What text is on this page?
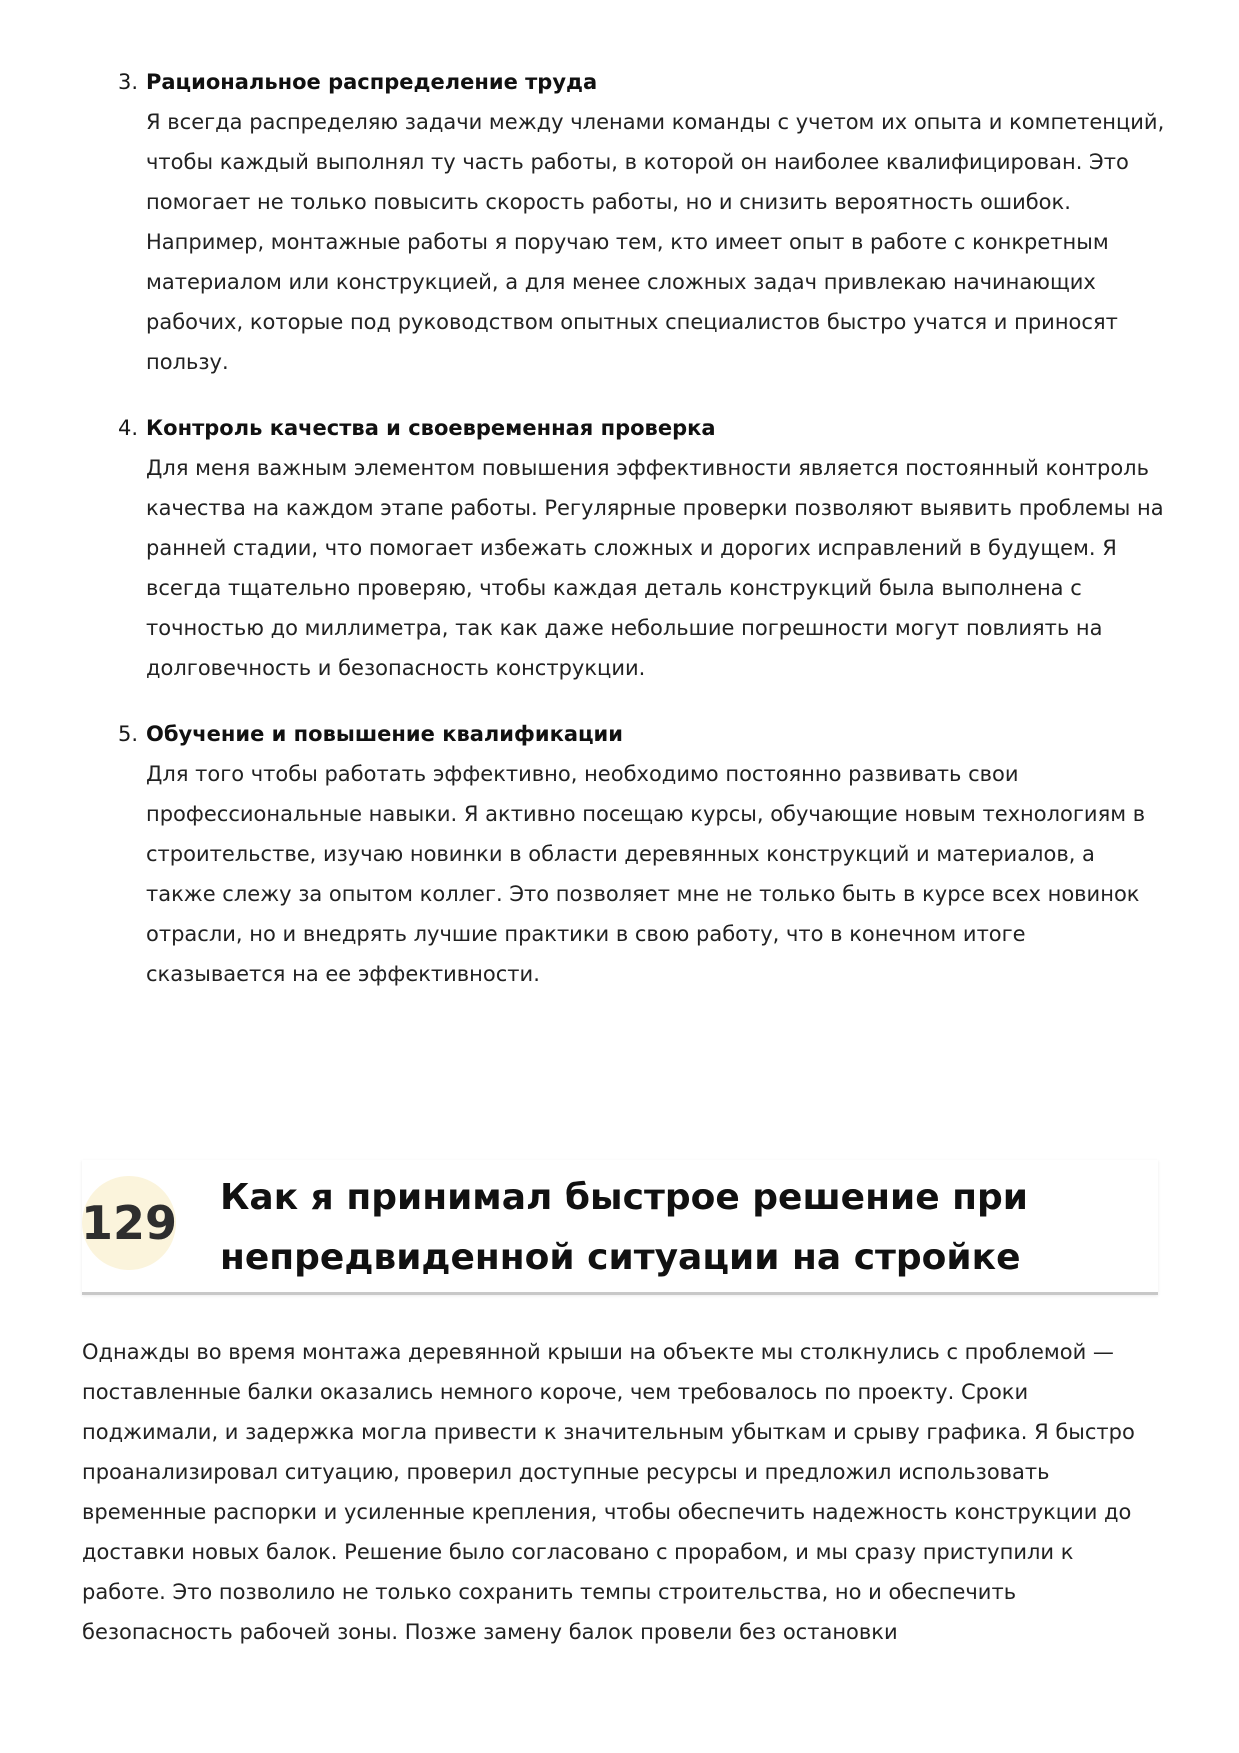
3. Рациональное распределение труда
Я всегда распределяю задачи между членами команды с учетом их опыта и компетенций, чтобы каждый выполнял ту часть работы, в которой он наиболее квалифицирован. Это помогает не только повысить скорость работы, но и снизить вероятность ошибок. Например, монтажные работы я поручаю тем, кто имеет опыт в работе с конкретным материалом или конструкцией, а для менее сложных задач привлекаю начинающих рабочих, которые под руководством опытных специалистов быстро учатся и приносят пользу.
4. Контроль качества и своевременная проверка
Для меня важным элементом повышения эффективности является постоянный контроль качества на каждом этапе работы. Регулярные проверки позволяют выявить проблемы на ранней стадии, что помогает избежать сложных и дорогих исправлений в будущем. Я всегда тщательно проверяю, чтобы каждая деталь конструкций была выполнена с точностью до миллиметра, так как даже небольшие погрешности могут повлиять на долговечность и безопасность конструкции.
5. Обучение и повышение квалификации
Для того чтобы работать эффективно, необходимо постоянно развивать свои профессиональные навыки. Я активно посещаю курсы, обучающие новым технологиям в строительстве, изучаю новинки в области деревянных конструкций и материалов, а также слежу за опытом коллег. Это позволяет мне не только быть в курсе всех новинок отрасли, но и внедрять лучшие практики в свою работу, что в конечном итоге сказывается на ее эффективности.
129 Как я принимал быстрое решение при непредвиденной ситуации на стройке
Однажды во время монтажа деревянной крыши на объекте мы столкнулись с проблемой — поставленные балки оказались немного короче, чем требовалось по проекту. Сроки поджимали, и задержка могла привести к значительным убыткам и срыву графика. Я быстро проанализировал ситуацию, проверил доступные ресурсы и предложил использовать временные распорки и усиленные крепления, чтобы обеспечить надежность конструкции до доставки новых балок. Решение было согласовано с прорабом, и мы сразу приступили к работе. Это позволило не только сохранить темпы строительства, но и обеспечить безопасность рабочей зоны. Позже замену балок провели без остановки
